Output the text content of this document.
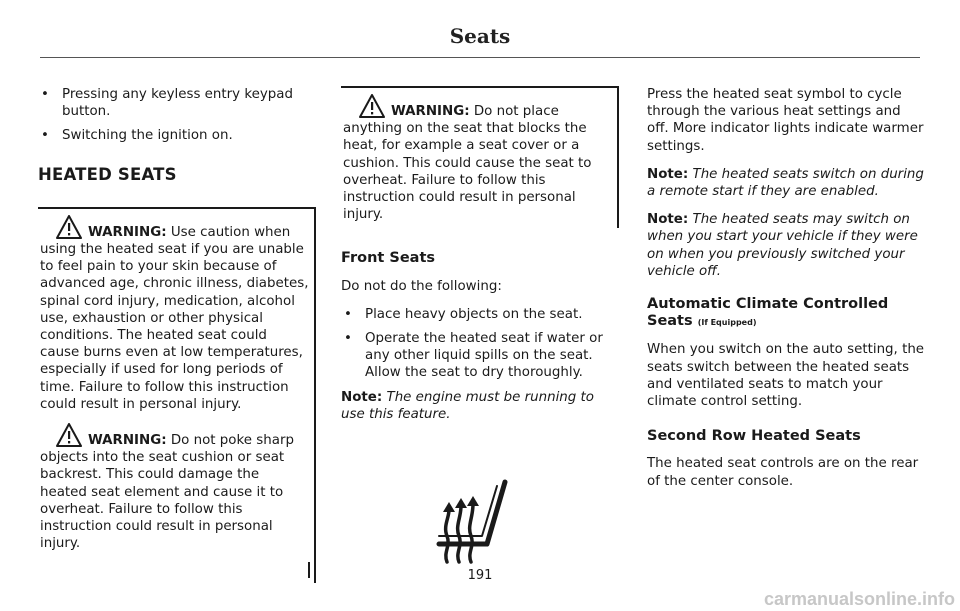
Seats
• Pressing any keyless entry keypad button.
• Switching the ignition on.
HEATED SEATS

WARNING: Use caution when using the heated seat if you are unable to feel pain to your skin because of advanced age, chronic illness, diabetes, spinal cord injury, medication, alcohol use, exhaustion or other physical conditions. The heated seat could cause burns even at low temperatures, especially if used for long periods of time. Failure to follow this instruction could result in personal injury.

WARNING: Do not poke sharp objects into the seat cushion or seat backrest. This could damage the heated seat element and cause it to overheat. Failure to follow this instruction could result in personal injury.

WARNING: Do not place anything on the seat that blocks the heat, for example a seat cover or a cushion. This could cause the seat to overheat. Failure to follow this instruction could result in personal injury.

Front Seats

Do not do the following:

• Place heavy objects on the seat.
• Operate the heated seat if water or any other liquid spills on the seat. Allow the seat to dry thoroughly.

Note: The engine must be running to use this feature.

Press the heated seat symbol to cycle through the various heat settings and off. More indicator lights indicate warmer settings.

Note: The heated seats switch on during a remote start if they are enabled.

Note: The heated seats may switch on when you start your vehicle if they were on when you previously switched your vehicle off.

Automatic Climate Controlled Seats (If Equipped)

When you switch on the auto setting, the seats switch between the heated seats and ventilated seats to match your climate control setting.

Second Row Heated Seats

The heated seat controls are on the rear of the center console.

191
carmanualsonline.info
